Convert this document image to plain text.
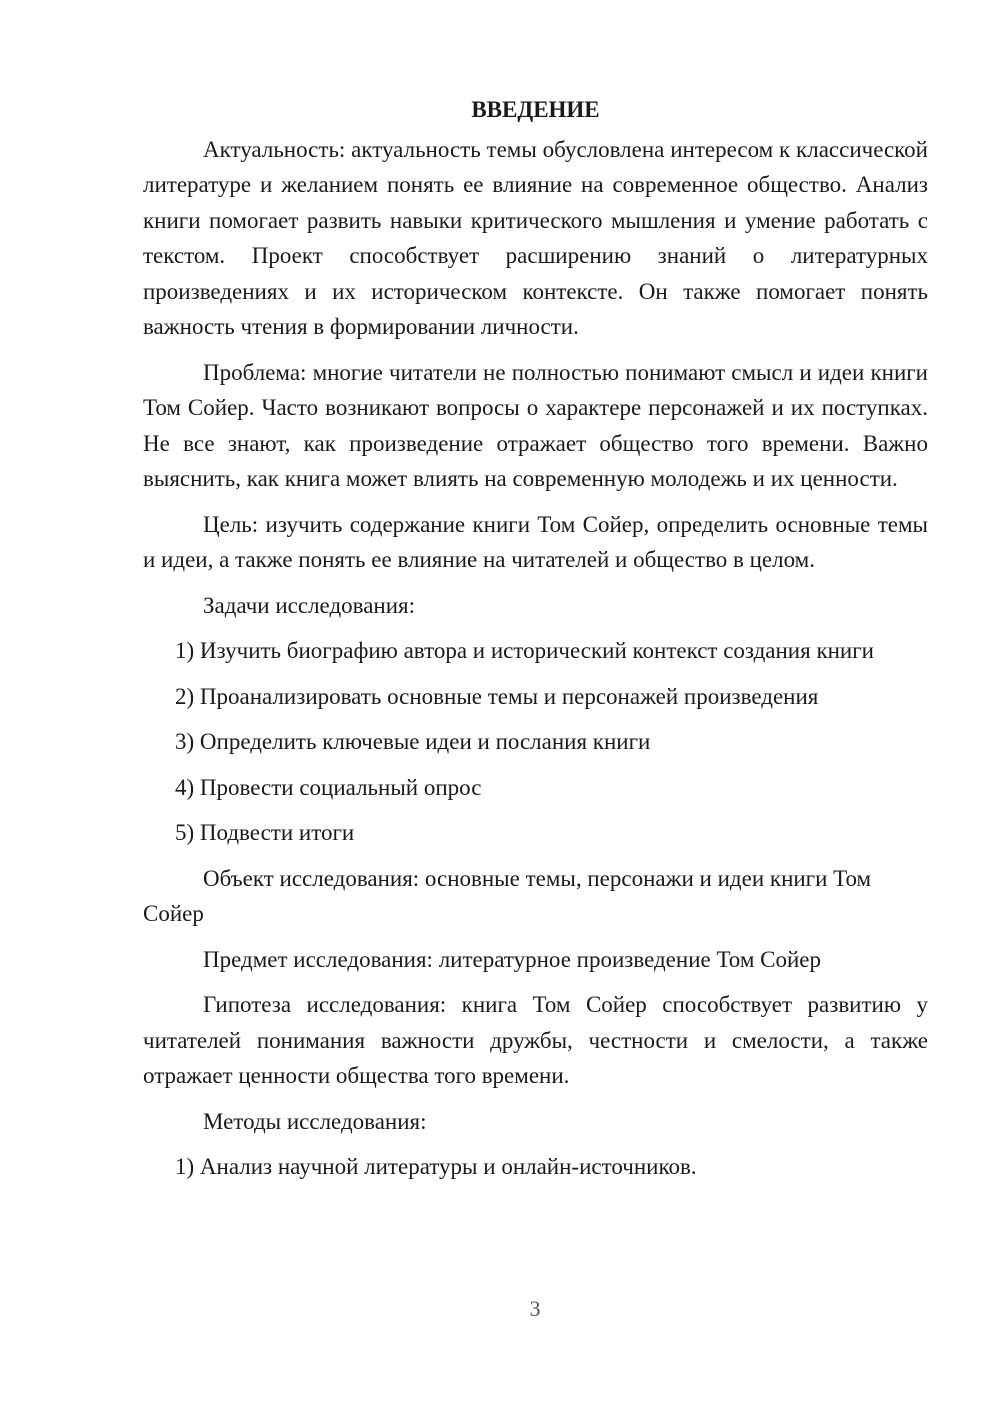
ВВЕДЕНИЕ

Актуальность: актуальность темы обусловлена интересом к классической литературе и желанием понять ее влияние на современное общество. Анализ книги помогает развить навыки критического мышления и умение работать с текстом. Проект способствует расширению знаний о литературных произведениях и их историческом контексте. Он также помогает понять важность чтения в формировании личности.

Проблема: многие читатели не полностью понимают смысл и идеи книги Том Сойер. Часто возникают вопросы о характере персонажей и их поступках. Не все знают, как произведение отражает общество того времени. Важно выяснить, как книга может влиять на современную молодежь и их ценности.

Цель: изучить содержание книги Том Сойер, определить основные темы и идеи, а также понять ее влияние на читателей и общество в целом.

Задачи исследования:

1) Изучить биографию автора и исторический контекст создания книги

2) Проанализировать основные темы и персонажей произведения

3) Определить ключевые идеи и послания книги

4) Провести социальный опрос

5) Подвести итоги

Объект исследования: основные темы, персонажи и идеи книги Том Сойер

Предмет исследования: литературное произведение Том Сойер

Гипотеза исследования: книга Том Сойер способствует развитию у читателей понимания важности дружбы, честности и смелости, а также отражает ценности общества того времени.

Методы исследования:

1) Анализ научной литературы и онлайн-источников.

3
